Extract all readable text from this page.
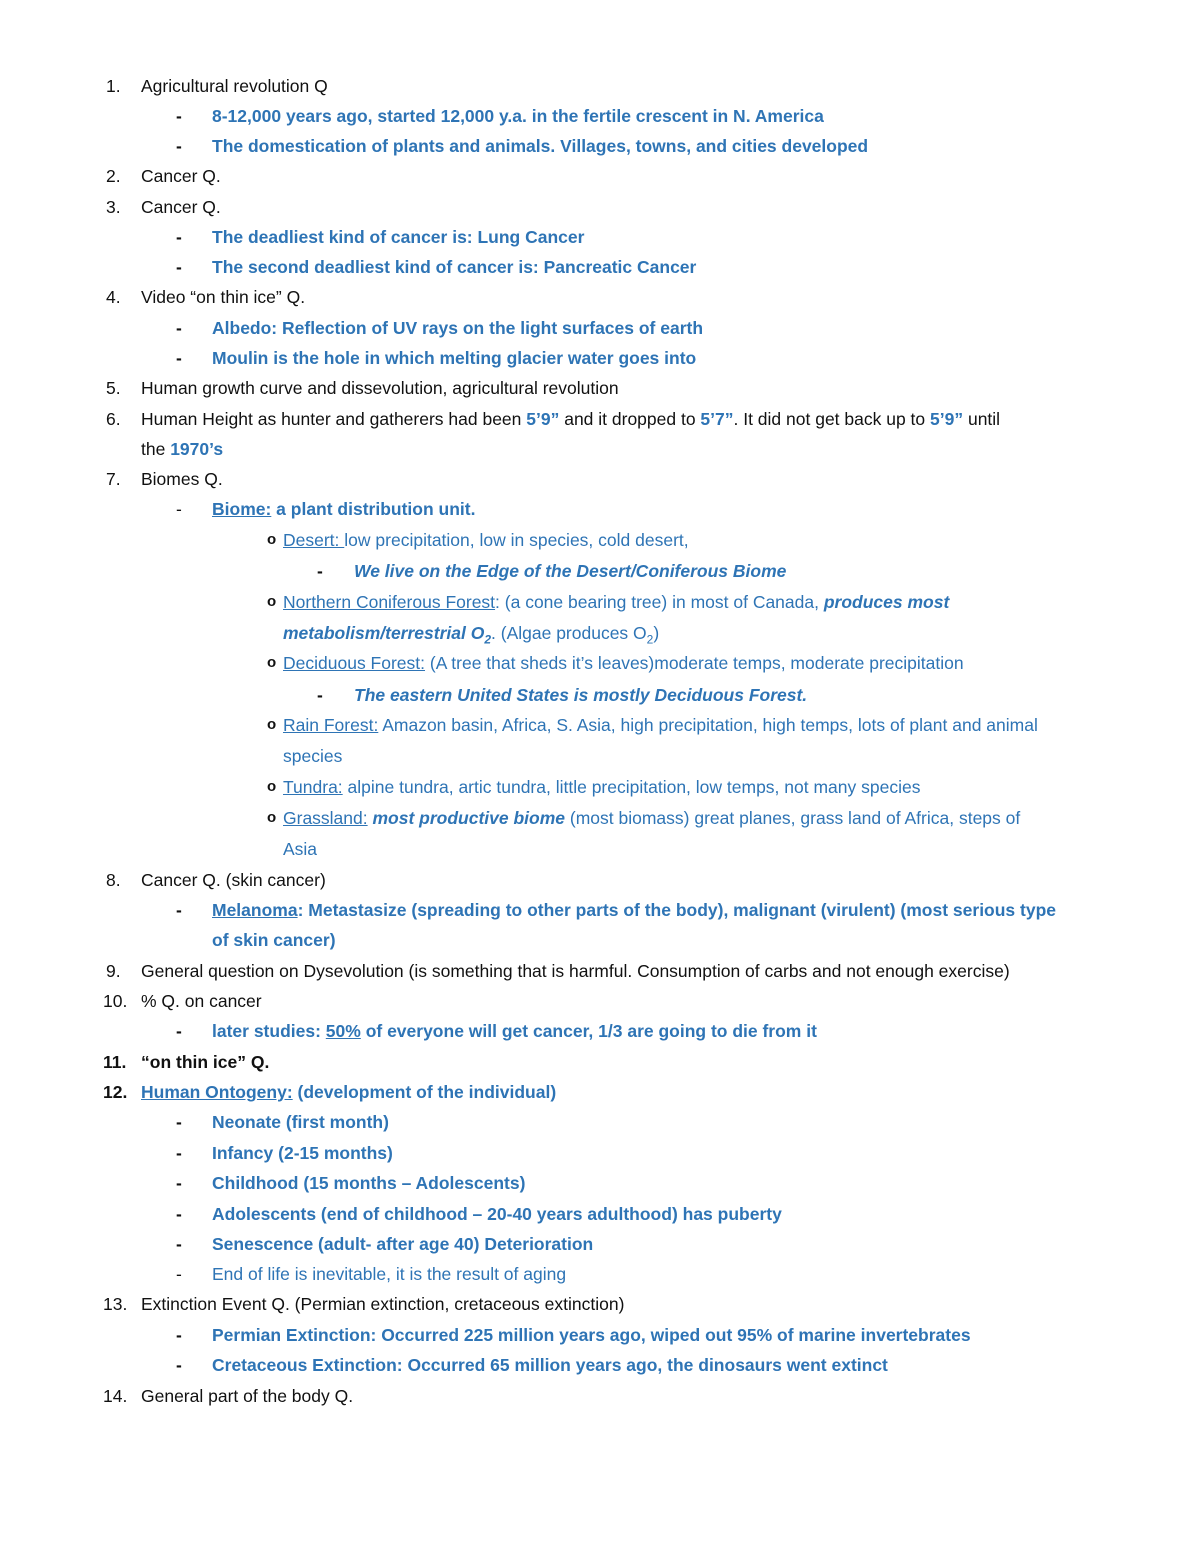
1. Agricultural revolution Q
- 8-12,000 years ago, started 12,000 y.a. in the fertile crescent in N. America
- The domestication of plants and animals. Villages, towns, and cities developed
2. Cancer Q.
3. Cancer Q.
- The deadliest kind of cancer is: Lung Cancer
- The second deadliest kind of cancer is: Pancreatic Cancer
4. Video “on thin ice” Q.
- Albedo: Reflection of UV rays on the light surfaces of earth
- Moulin is the hole in which melting glacier water goes into
5. Human growth curve and dissevolution, agricultural revolution
6. Human Height as hunter and gatherers had been 5’9” and it dropped to 5’7”. It did not get back up to 5’9” until
the 1970’s
7. Biomes Q.
- Biome: a plant distribution unit.
o Desert: low precipitation, low in species, cold desert,
- We live on the Edge of the Desert/Coniferous Biome
o Northern Coniferous Forest: (a cone bearing tree) in most of Canada, produces most
metabolism/terrestrial $O_2$. (Algae produces $O_2$)
o Deciduous Forest: (A tree that sheds it’s leaves)moderate temps, moderate precipitation
- The eastern United States is mostly Deciduous Forest.
o Rain Forest: Amazon basin, Africa, S. Asia, high precipitation, high temps, lots of plant and animal
species
o Tundra: alpine tundra, artic tundra, little precipitation, low temps, not many species
o Grassland: most productive biome (most biomass) great planes, grass land of Africa, steps of
Asia
8. Cancer Q. (skin cancer)
- Melanoma: Metastasize (spreading to other parts of the body), malignant (virulent) (most serious type
of skin cancer)
9. General question on Dysevolution (is something that is harmful. Consumption of carbs and not enough exercise)
10. % Q. on cancer
- later studies: 50% of everyone will get cancer, 1/3 are going to die from it
11. “on thin ice” Q.
12. Human Ontogeny: (development of the individual)
- Neonate (first month)
- Infancy (2-15 months)
- Childhood (15 months – Adolescents)
- Adolescents (end of childhood – 20-40 years adulthood) has puberty
- Senescence (adult- after age 40) Deterioration
- End of life is inevitable, it is the result of aging
13. Extinction Event Q. (Permian extinction, cretaceous extinction)
- Permian Extinction: Occurred 225 million years ago, wiped out 95% of marine invertebrates
- Cretaceous Extinction: Occurred 65 million years ago, the dinosaurs went extinct
14. General part of the body Q.
